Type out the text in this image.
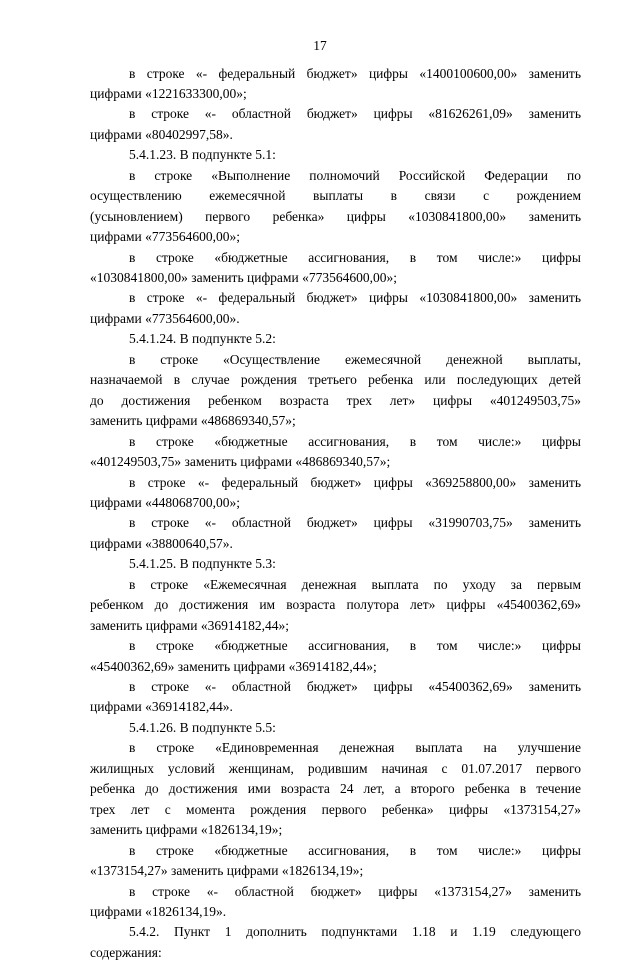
17
в строке «- федеральный бюджет» цифры «1400100600,00» заменить
цифрами «1221633300,00»;
в строке «- областной бюджет» цифры «81626261,09» заменить
цифрами «80402997,58».
5.4.1.23. В подпункте 5.1:
в строке «Выполнение полномочий Российской Федерации по
осуществлению ежемесячной выплаты в связи с рождением
(усыновлением) первого ребенка» цифры «1030841800,00» заменить
цифрами «773564600,00»;
в строке «бюджетные ассигнования, в том числе:» цифры
«1030841800,00» заменить цифрами «773564600,00»;
в строке «- федеральный бюджет» цифры «1030841800,00» заменить
цифрами «773564600,00».
5.4.1.24. В подпункте 5.2:
в строке «Осуществление ежемесячной денежной выплаты,
назначаемой в случае рождения третьего ребенка или последующих детей
до достижения ребенком возраста трех лет» цифры «401249503,75»
заменить цифрами «486869340,57»;
в строке «бюджетные ассигнования, в том числе:» цифры
«401249503,75» заменить цифрами «486869340,57»;
в строке «- федеральный бюджет» цифры «369258800,00» заменить
цифрами «448068700,00»;
в строке «- областной бюджет» цифры «31990703,75» заменить
цифрами «38800640,57».
5.4.1.25. В подпункте 5.3:
в строке «Ежемесячная денежная выплата по уходу за первым
ребенком до достижения им возраста полутора лет» цифры «45400362,69»
заменить цифрами «36914182,44»;
в строке «бюджетные ассигнования, в том числе:» цифры
«45400362,69» заменить цифрами «36914182,44»;
в строке «- областной бюджет» цифры «45400362,69» заменить
цифрами «36914182,44».
5.4.1.26. В подпункте 5.5:
в строке «Единовременная денежная выплата на улучшение
жилищных условий женщинам, родившим начиная с 01.07.2017 первого
ребенка до достижения ими возраста 24 лет, а второго ребенка в течение
трех лет с момента рождения первого ребенка» цифры «1373154,27»
заменить цифрами «1826134,19»;
в строке «бюджетные ассигнования, в том числе:» цифры
«1373154,27» заменить цифрами «1826134,19»;
в строке «- областной бюджет» цифры «1373154,27» заменить
цифрами «1826134,19».
5.4.2. Пункт 1 дополнить подпунктами 1.18 и 1.19 следующего
содержания:
